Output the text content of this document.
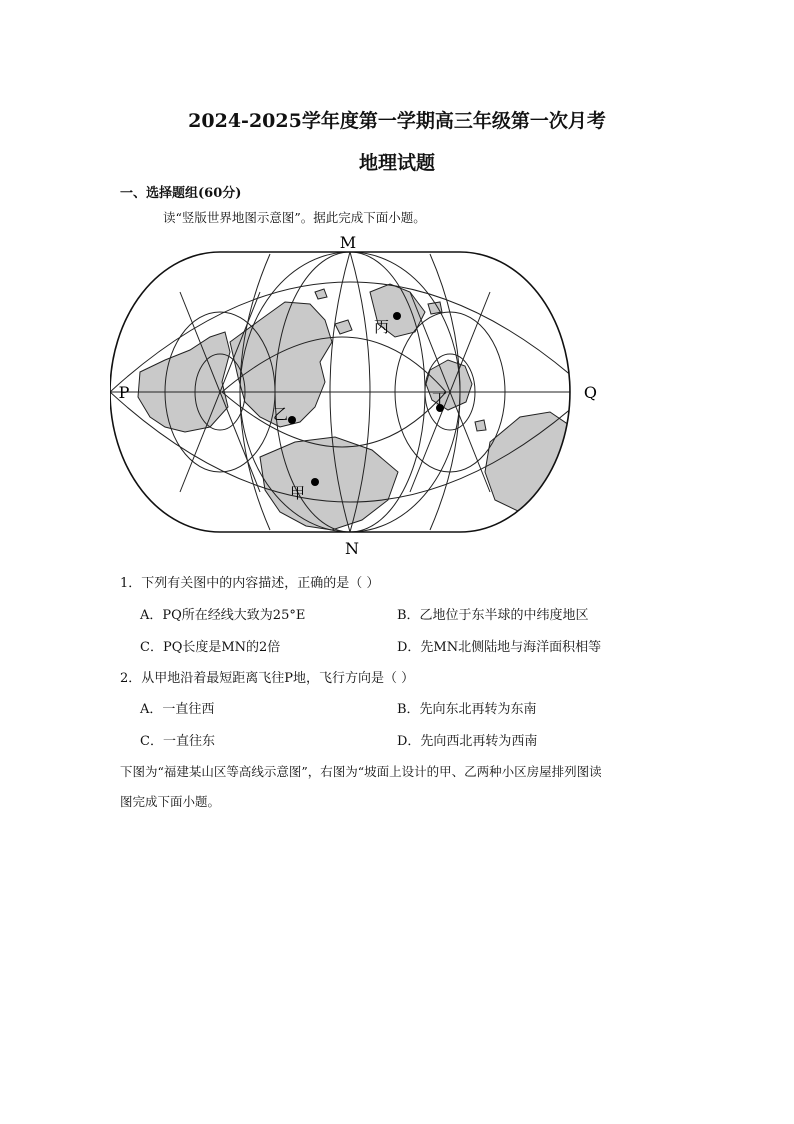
2024-2025学年度第一学期高三年级第一次月考
地理试题
一、选择题组(60分)
读“竖版世界地图示意图”。据此完成下面小题。
M
N
P	Q
丙
乙
甲
丁
1．下列有关图中的内容描述，正确的是（ ）
A．PQ所在经线大致为25°E	B．乙地位于东半球的中纬度地区
C．PQ长度是MN的2倍	D．先MN北侧陆地与海洋面积相等
2．从甲地沿着最短距离飞往P地，飞行方向是（ ）
A．一直往西	B．先向东北再转为东南
C．一直往东	D．先向西北再转为西南
下图为“福建某山区等高线示意图”，右图为“坡面上设计的甲、乙两种小区房屋排列图读
图完成下面小题。
